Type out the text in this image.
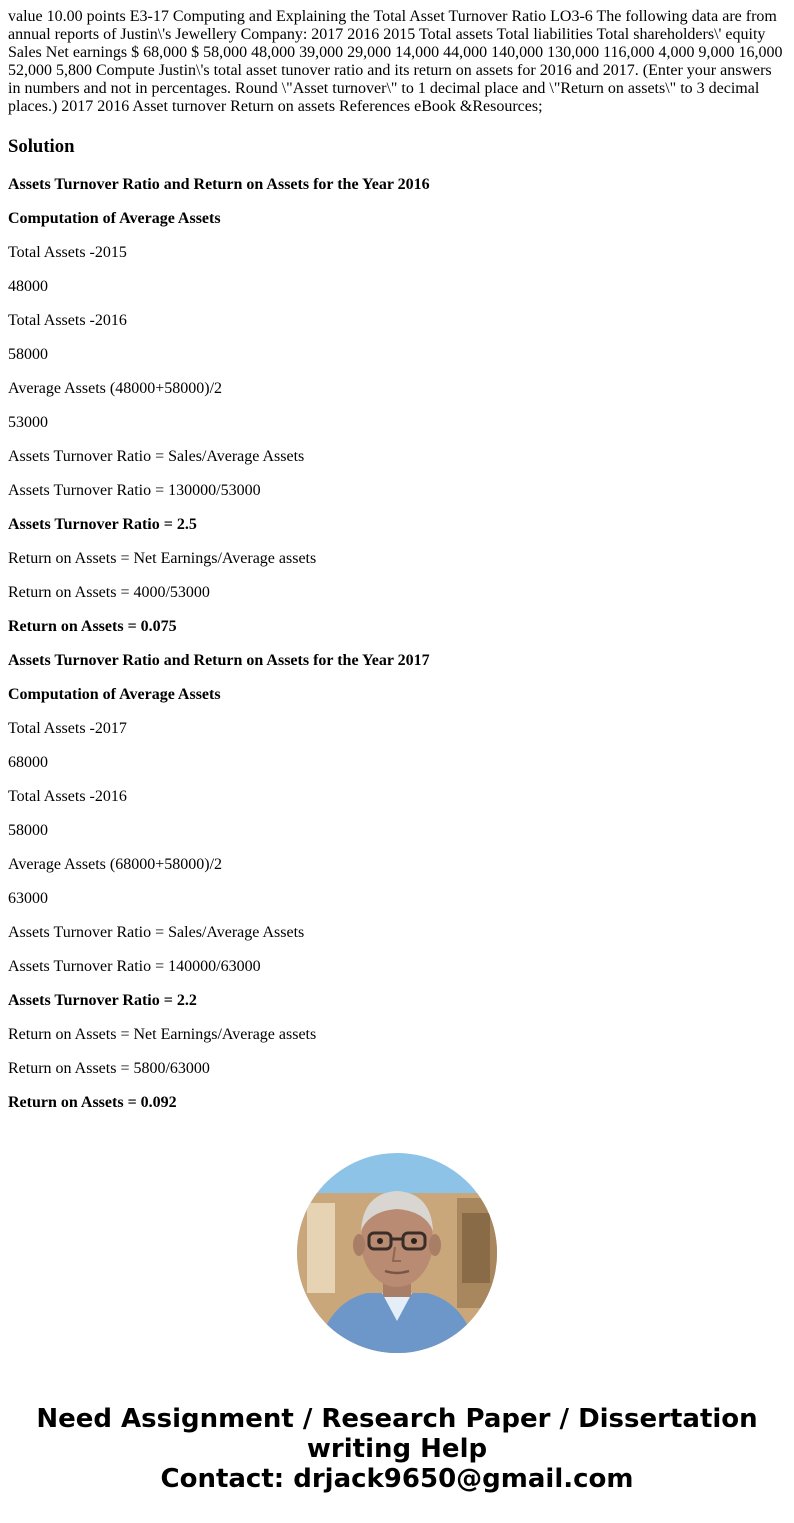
value 10.00 points E3-17 Computing and Explaining the Total Asset Turnover Ratio LO3-6 The following data are from annual reports of Justin\'s Jewellery Company: 2017 2016 2015 Total assets Total liabilities Total shareholders\' equity Sales Net earnings $ 68,000 $ 58,000 48,000 39,000 29,000 14,000 44,000 140,000 130,000 116,000 4,000 9,000 16,000 52,000 5,800 Compute Justin\'s total asset tunover ratio and its return on assets for 2016 and 2017. (Enter your answers in numbers and not in percentages. Round \"Asset turnover\" to 1 decimal place and \"Return on assets\" to 3 decimal places.) 2017 2016 Asset turnover Return on assets References eBook &Resources;

Solution

Assets Turnover Ratio and Return on Assets for the Year 2016

Computation of Average Assets

Total Assets -2015

48000

Total Assets -2016

58000

Average Assets (48000+58000)/2

53000

Assets Turnover Ratio = Sales/Average Assets

Assets Turnover Ratio = 130000/53000

Assets Turnover Ratio = 2.5

Return on Assets = Net Earnings/Average assets

Return on Assets = 4000/53000

Return on Assets = 0.075

Assets Turnover Ratio and Return on Assets for the Year 2017

Computation of Average Assets

Total Assets -2017

68000

Total Assets -2016

58000

Average Assets (68000+58000)/2

63000

Assets Turnover Ratio = Sales/Average Assets

Assets Turnover Ratio = 140000/63000

Assets Turnover Ratio = 2.2

Return on Assets = Net Earnings/Average assets

Return on Assets = 5800/63000

Return on Assets = 0.092

Need Assignment / Research Paper / Dissertation
writing Help
Contact: drjack9650@gmail.com
